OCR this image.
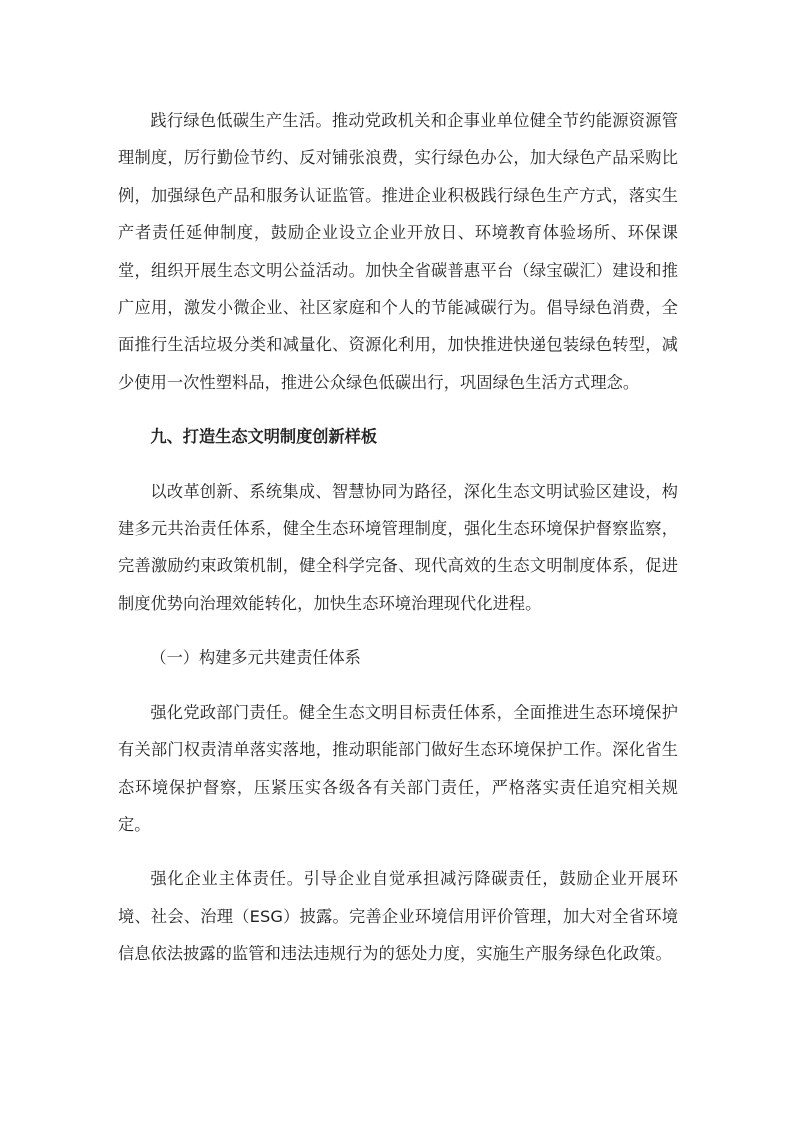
践行绿色低碳生产生活。推动党政机关和企事业单位健全节约能源资源管理制度，厉行勤俭节约、反对铺张浪费，实行绿色办公，加大绿色产品采购比例，加强绿色产品和服务认证监管。推进企业积极践行绿色生产方式，落实生产者责任延伸制度，鼓励企业设立企业开放日、环境教育体验场所、环保课堂，组织开展生态文明公益活动。加快全省碳普惠平台（绿宝碳汇）建设和推广应用，激发小微企业、社区家庭和个人的节能减碳行为。倡导绿色消费，全面推行生活垃圾分类和减量化、资源化利用，加快推进快递包装绿色转型，减少使用一次性塑料品，推进公众绿色低碳出行，巩固绿色生活方式理念。

九、打造生态文明制度创新样板

以改革创新、系统集成、智慧协同为路径，深化生态文明试验区建设，构建多元共治责任体系，健全生态环境管理制度，强化生态环境保护督察监察，完善激励约束政策机制，健全科学完备、现代高效的生态文明制度体系，促进制度优势向治理效能转化，加快生态环境治理现代化进程。

（一）构建多元共建责任体系

强化党政部门责任。健全生态文明目标责任体系，全面推进生态环境保护有关部门权责清单落实落地，推动职能部门做好生态环境保护工作。深化省生态环境保护督察，压紧压实各级各有关部门责任，严格落实责任追究相关规定。

强化企业主体责任。引导企业自觉承担减污降碳责任，鼓励企业开展环境、社会、治理（ESG）披露。完善企业环境信用评价管理，加大对全省环境信息依法披露的监管和违法违规行为的惩处力度，实施生产服务绿色化政策。
